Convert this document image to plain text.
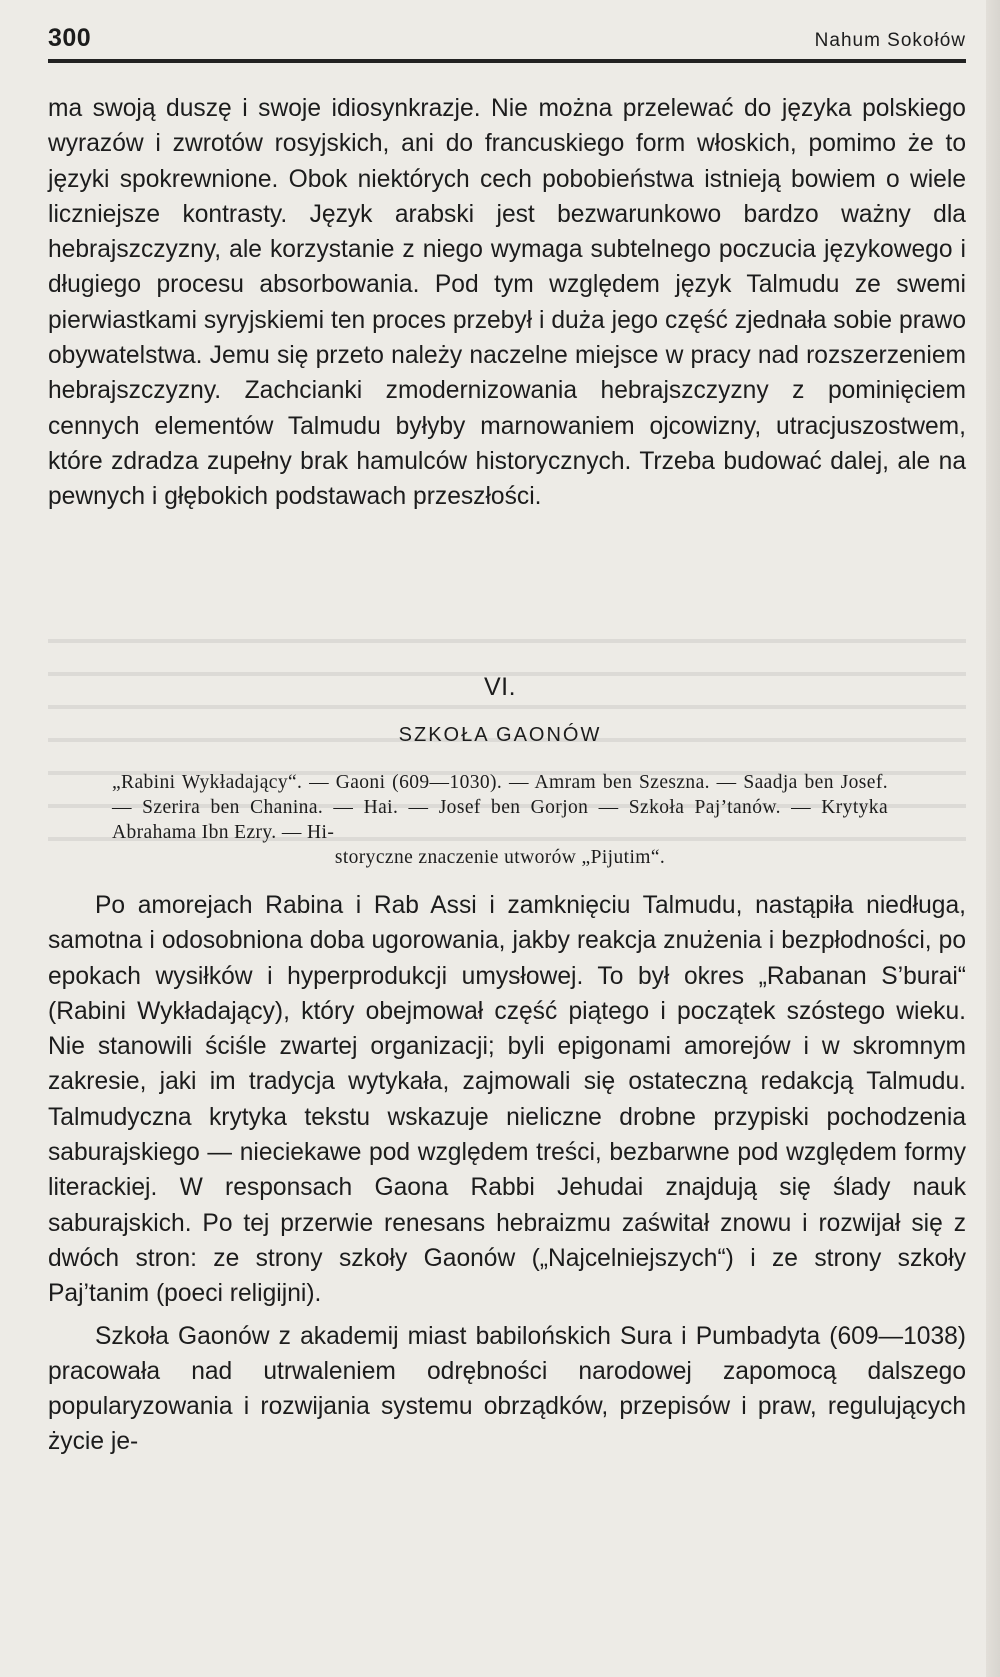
300	Nahum Sokołów

ma swoją duszę i swoje idiosynkrazje. Nie można przelewać do języka polskiego wyrazów i zwrotów rosyjskich, ani do francuskiego form włoskich, pomimo że to języki spokrewnione. Obok niektórych cech pobobieństwa istnieją bowiem o wiele liczniejsze kontrasty. Język arabski jest bezwarunkowo bardzo ważny dla hebrajszczyzny, ale korzystanie z niego wymaga subtelnego poczucia językowego i długiego procesu absorbowania. Pod tym względem język Talmudu ze swemi pierwiastkami syryjskiemi ten proces przebył i duża jego część zjednała sobie prawo obywatelstwa. Jemu się przeto należy naczelne miejsce w pracy nad rozszerzeniem hebrajszczyzny. Zachcianki zmodernizowania hebrajszczyzny z pominięciem cennych elementów Talmudu byłyby marnowaniem ojcowizny, utracjuszostwem, które zdradza zupełny brak hamulców historycznych. Trzeba budować dalej, ale na pewnych i głębokich podstawach przeszłości.

VI.
SZKOŁA GAONÓW
„Rabini Wykładający“. — Gaoni (609—1030). — Amram ben Szeszna. — Saadja ben Josef. — Szerira ben Chanina. — Hai. — Josef ben Gorjon — Szkoła Paj’tanów. — Krytyka Abrahama Ibn Ezry. — Hi-
storyczne znaczenie utworów „Pijutim“.

Po amorejach Rabina i Rab Assi i zamknięciu Talmudu, nastąpiła niedługa, samotna i odosobniona doba ugorowania, jakby reakcja znużenia i bezpłodności, po epokach wysiłków i hyperprodukcji umysłowej. To był okres „Rabanan S’burai“ (Rabini Wykładający), który obejmował część piątego i początek szóstego wieku. Nie stanowili ściśle zwartej organizacji; byli epigonami amorejów i w skromnym zakresie, jaki im tradycja wytykała, zajmowali się ostateczną redakcją Talmudu. Talmudyczna krytyka tekstu wskazuje nieliczne drobne przypiski pochodzenia saburajskiego — nieciekawe pod względem treści, bezbarwne pod względem formy literackiej. W responsach Gaona Rabbi Jehudai znajdują się ślady nauk saburajskich. Po tej przerwie renesans hebraizmu zaświtał znowu i rozwijał się z dwóch stron: ze strony szkoły Gaonów („Najcelniejszych“) i ze strony szkoły Paj’tanim (poeci religijni).

Szkoła Gaonów z akademij miast babilońskich Sura i Pumbadyta (609—1038) pracowała nad utrwaleniem odrębności narodowej zapomocą dalszego popularyzowania i rozwijania systemu obrządków, przepisów i praw, regulujących życie je-
